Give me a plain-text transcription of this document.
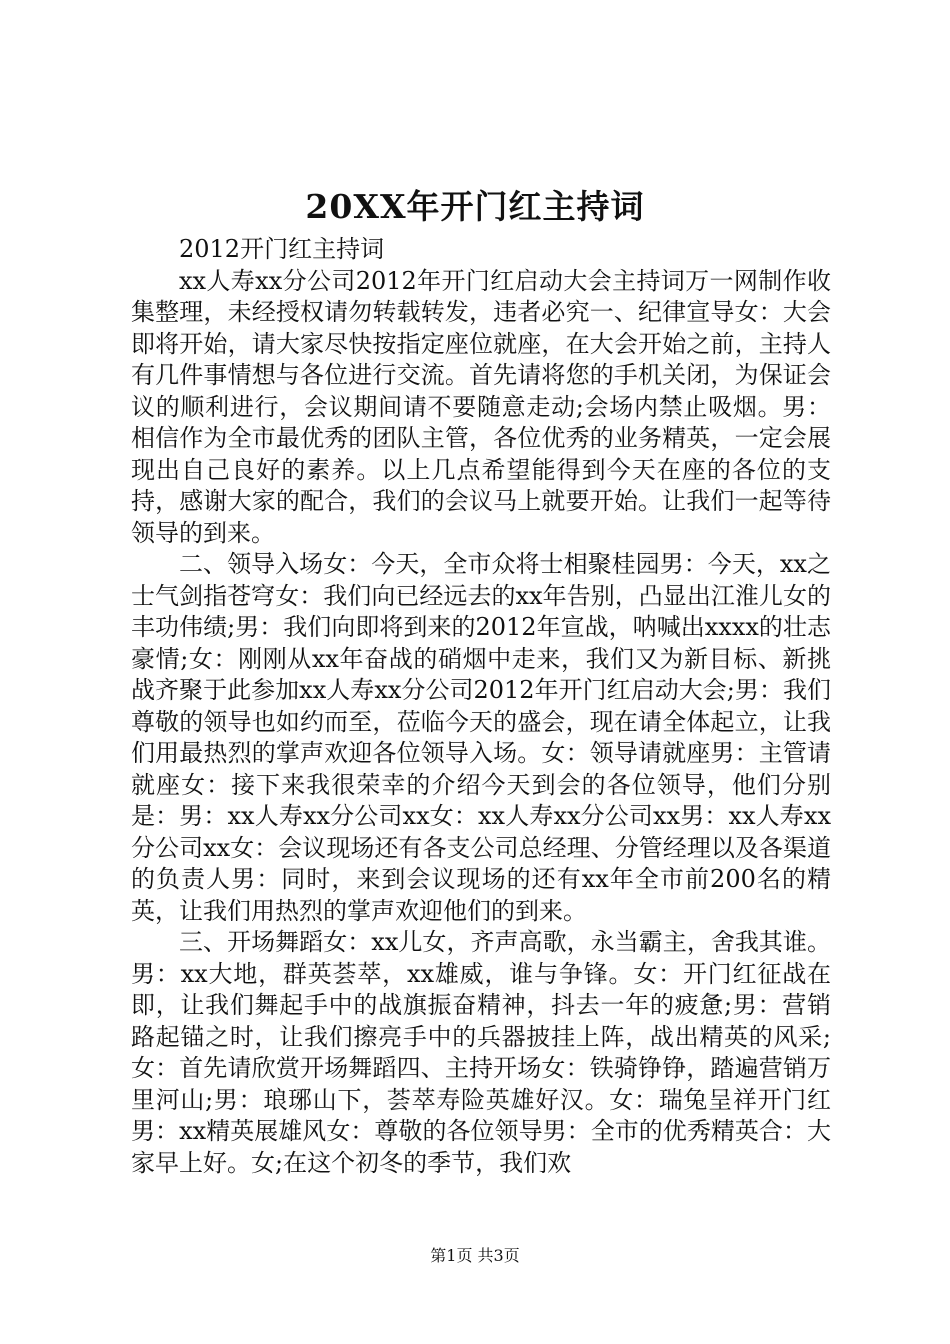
20XX年开门红主持词

2012开门红主持词

xx人寿xx分公司2012年开门红启动大会主持词万一网制作收集整理，未经授权请勿转载转发，违者必究一、纪律宣导女：大会即将开始，请大家尽快按指定座位就座，在大会开始之前，主持人有几件事情想与各位进行交流。首先请将您的手机关闭，为保证会议的顺利进行，会议期间请不要随意走动;会场内禁止吸烟。男：相信作为全市最优秀的团队主管，各位优秀的业务精英，一定会展现出自己良好的素养。以上几点希望能得到今天在座的各位的支持，感谢大家的配合，我们的会议马上就要开始。让我们一起等待领导的到来。

二、领导入场女：今天，全市众将士相聚桂园男：今天，xx之士气剑指苍穹女：我们向已经远去的xx年告别，凸显出江淮儿女的丰功伟绩;男：我们向即将到来的2012年宣战，呐喊出xxxx的壮志豪情;女：刚刚从xx年奋战的硝烟中走来，我们又为新目标、新挑战齐聚于此参加xx人寿xx分公司2012年开门红启动大会;男：我们尊敬的领导也如约而至，莅临今天的盛会，现在请全体起立，让我们用最热烈的掌声欢迎各位领导入场。女：领导请就座男：主管请就座女：接下来我很荣幸的介绍今天到会的各位领导，他们分别是：男：xx人寿xx分公司xx女：xx人寿xx分公司xx男：xx人寿xx分公司xx女：会议现场还有各支公司总经理、分管经理以及各渠道的负责人男：同时，来到会议现场的还有xx年全市前200名的精英，让我们用热烈的掌声欢迎他们的到来。

三、开场舞蹈女：xx儿女，齐声高歌，永当霸主，舍我其谁。男：xx大地，群英荟萃，xx雄威，谁与争锋。女：开门红征战在即，让我们舞起手中的战旗振奋精神，抖去一年的疲惫;男：营销路起锚之时，让我们擦亮手中的兵器披挂上阵，战出精英的风采;女：首先请欣赏开场舞蹈四、主持开场女：铁骑铮铮，踏遍营销万里河山;男：琅琊山下，荟萃寿险英雄好汉。女：瑞兔呈祥开门红男：xx精英展雄风女：尊敬的各位领导男：全市的优秀精英合：大家早上好。女;在这个初冬的季节，我们欢

第1页 共3页
